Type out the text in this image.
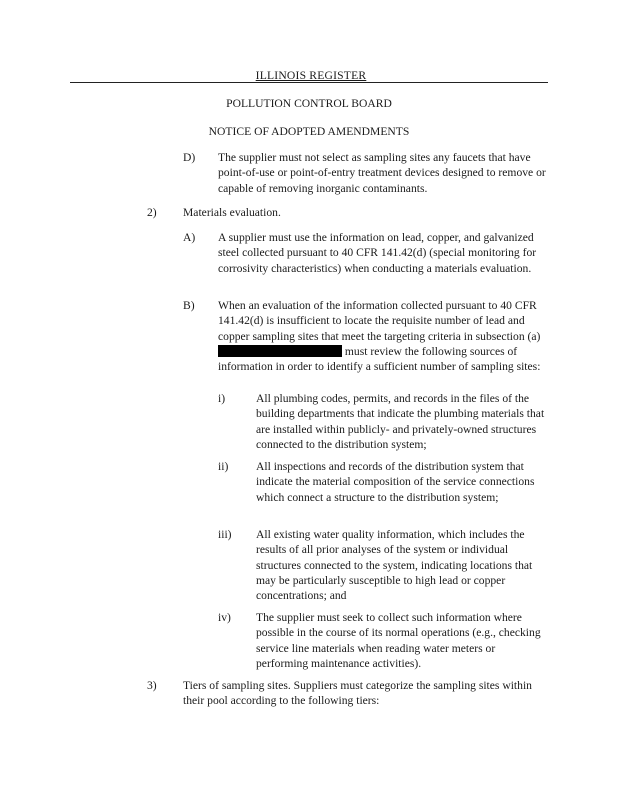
ILLINOIS REGISTER
POLLUTION CONTROL BOARD
NOTICE OF ADOPTED AMENDMENTS
D) The supplier must not select as sampling sites any faucets that have point-of-use or point-of-entry treatment devices designed to remove or capable of removing inorganic contaminants.
2) Materials evaluation.
A) A supplier must use the information on lead, copper, and galvanized steel collected pursuant to 40 CFR 141.42(d) (special monitoring for corrosivity characteristics) when conducting a materials evaluation.
B) When an evaluation of the information collected pursuant to 40 CFR 141.42(d) is insufficient to locate the requisite number of lead and copper sampling sites that meet the targeting criteria in subsection (a)  must review the following sources of information in order to identify a sufficient number of sampling sites:
i)	All plumbing codes, permits, and records in the files of the building departments that indicate the plumbing materials that are installed within publicly- and privately-owned structures connected to the distribution system;
ii) All inspections and records of the distribution system that indicate the material composition of the service connections which connect a structure to the distribution system;
iii) All existing water quality information, which includes the results of all prior analyses of the system or individual structures connected to the system, indicating locations that may be particularly susceptible to high lead or copper concentrations; and
iv) The supplier must seek to collect such information where possible in the course of its normal operations (e.g., checking service line materials when reading water meters or performing maintenance activities).
3) Tiers of sampling sites. Suppliers must categorize the sampling sites within their pool according to the following tiers:
